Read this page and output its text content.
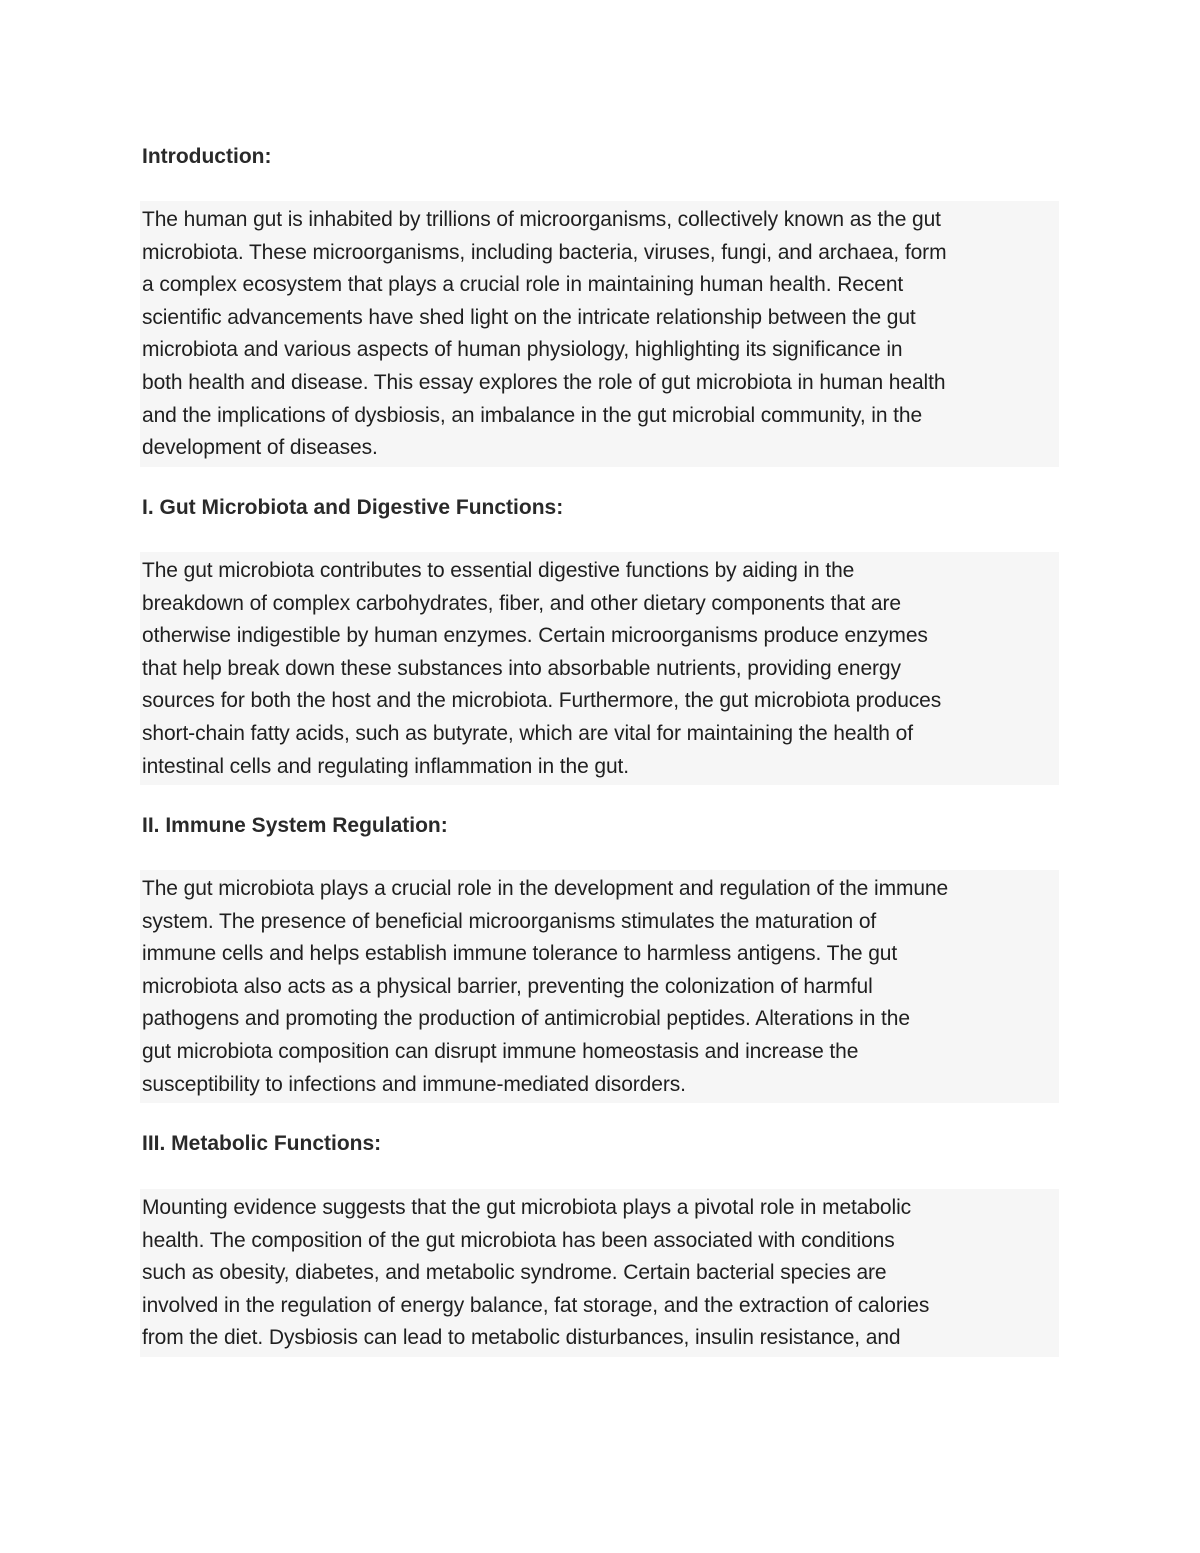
Introduction:

The human gut is inhabited by trillions of microorganisms, collectively known as the gut

microbiota. These microorganisms, including bacteria, viruses, fungi, and archaea, form

a complex ecosystem that plays a crucial role in maintaining human health. Recent

scientific advancements have shed light on the intricate relationship between the gut

microbiota and various aspects of human physiology, highlighting its significance in

both health and disease. This essay explores the role of gut microbiota in human health

and the implications of dysbiosis, an imbalance in the gut microbial community, in the

development of diseases.

I. Gut Microbiota and Digestive Functions:

The gut microbiota contributes to essential digestive functions by aiding in the

breakdown of complex carbohydrates, fiber, and other dietary components that are

otherwise indigestible by human enzymes. Certain microorganisms produce enzymes

that help break down these substances into absorbable nutrients, providing energy

sources for both the host and the microbiota. Furthermore, the gut microbiota produces

short-chain fatty acids, such as butyrate, which are vital for maintaining the health of

intestinal cells and regulating inflammation in the gut.

II. Immune System Regulation:

The gut microbiota plays a crucial role in the development and regulation of the immune

system. The presence of beneficial microorganisms stimulates the maturation of

immune cells and helps establish immune tolerance to harmless antigens. The gut

microbiota also acts as a physical barrier, preventing the colonization of harmful

pathogens and promoting the production of antimicrobial peptides. Alterations in the

gut microbiota composition can disrupt immune homeostasis and increase the

susceptibility to infections and immune-mediated disorders.

III. Metabolic Functions:

Mounting evidence suggests that the gut microbiota plays a pivotal role in metabolic

health. The composition of the gut microbiota has been associated with conditions

such as obesity, diabetes, and metabolic syndrome. Certain bacterial species are

involved in the regulation of energy balance, fat storage, and the extraction of calories

from the diet. Dysbiosis can lead to metabolic disturbances, insulin resistance, and
